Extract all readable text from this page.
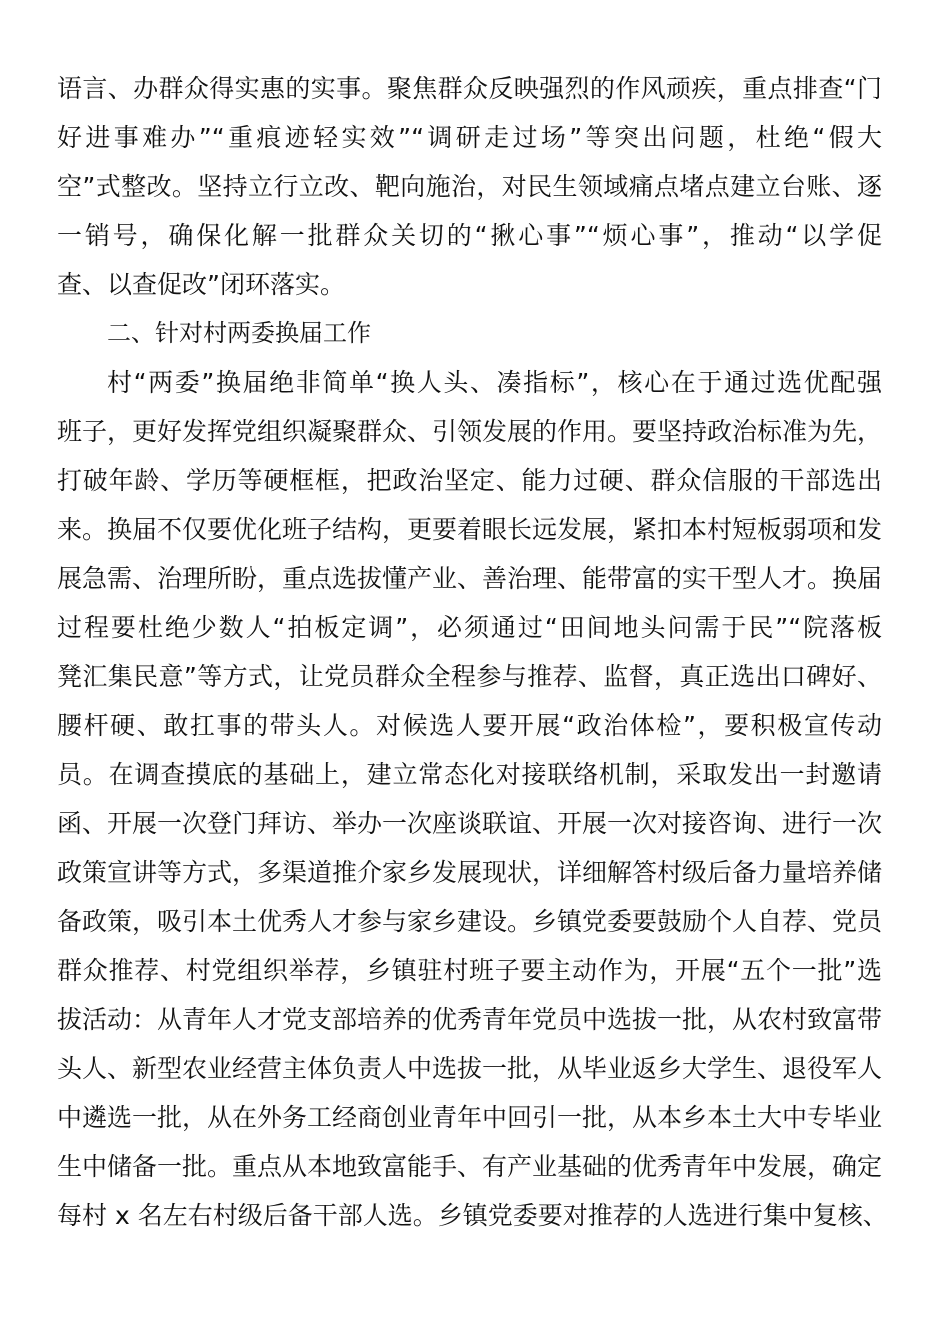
语言、办群众得实惠的实事。聚焦群众反映强烈的作风顽疾，重点排查“门
好进事难办”“重痕迹轻实效”“调研走过场”等突出问题，杜绝“假大
空”式整改。坚持立行立改、靶向施治，对民生领域痛点堵点建立台账、逐
一销号，确保化解一批群众关切的“揪心事”“烦心事”，推动“以学促
查、以查促改”闭环落实。
二、针对村两委换届工作
村“两委”换届绝非简单“换人头、凑指标”，核心在于通过选优配强
班子，更好发挥党组织凝聚群众、引领发展的作用。要坚持政治标准为先，
打破年龄、学历等硬框框，把政治坚定、能力过硬、群众信服的干部选出
来。换届不仅要优化班子结构，更要着眼长远发展，紧扣本村短板弱项和发
展急需、治理所盼，重点选拔懂产业、善治理、能带富的实干型人才。换届
过程要杜绝少数人“拍板定调”，必须通过“田间地头问需于民”“院落板
凳汇集民意”等方式，让党员群众全程参与推荐、监督，真正选出口碑好、
腰杆硬、敢扛事的带头人。对候选人要开展“政治体检”，要积极宣传动
员。在调查摸底的基础上，建立常态化对接联络机制，采取发出一封邀请
函、开展一次登门拜访、举办一次座谈联谊、开展一次对接咨询、进行一次
政策宣讲等方式，多渠道推介家乡发展现状，详细解答村级后备力量培养储
备政策，吸引本土优秀人才参与家乡建设。乡镇党委要鼓励个人自荐、党员
群众推荐、村党组织举荐，乡镇驻村班子要主动作为，开展“五个一批”选
拔活动：从青年人才党支部培养的优秀青年党员中选拔一批，从农村致富带
头人、新型农业经营主体负责人中选拔一批，从毕业返乡大学生、退役军人
中遴选一批，从在外务工经商创业青年中回引一批，从本乡本土大中专毕业
生中储备一批。重点从本地致富能手、有产业基础的优秀青年中发展，确定
每村 x 名左右村级后备干部人选。乡镇党委要对推荐的人选进行集中复核、
